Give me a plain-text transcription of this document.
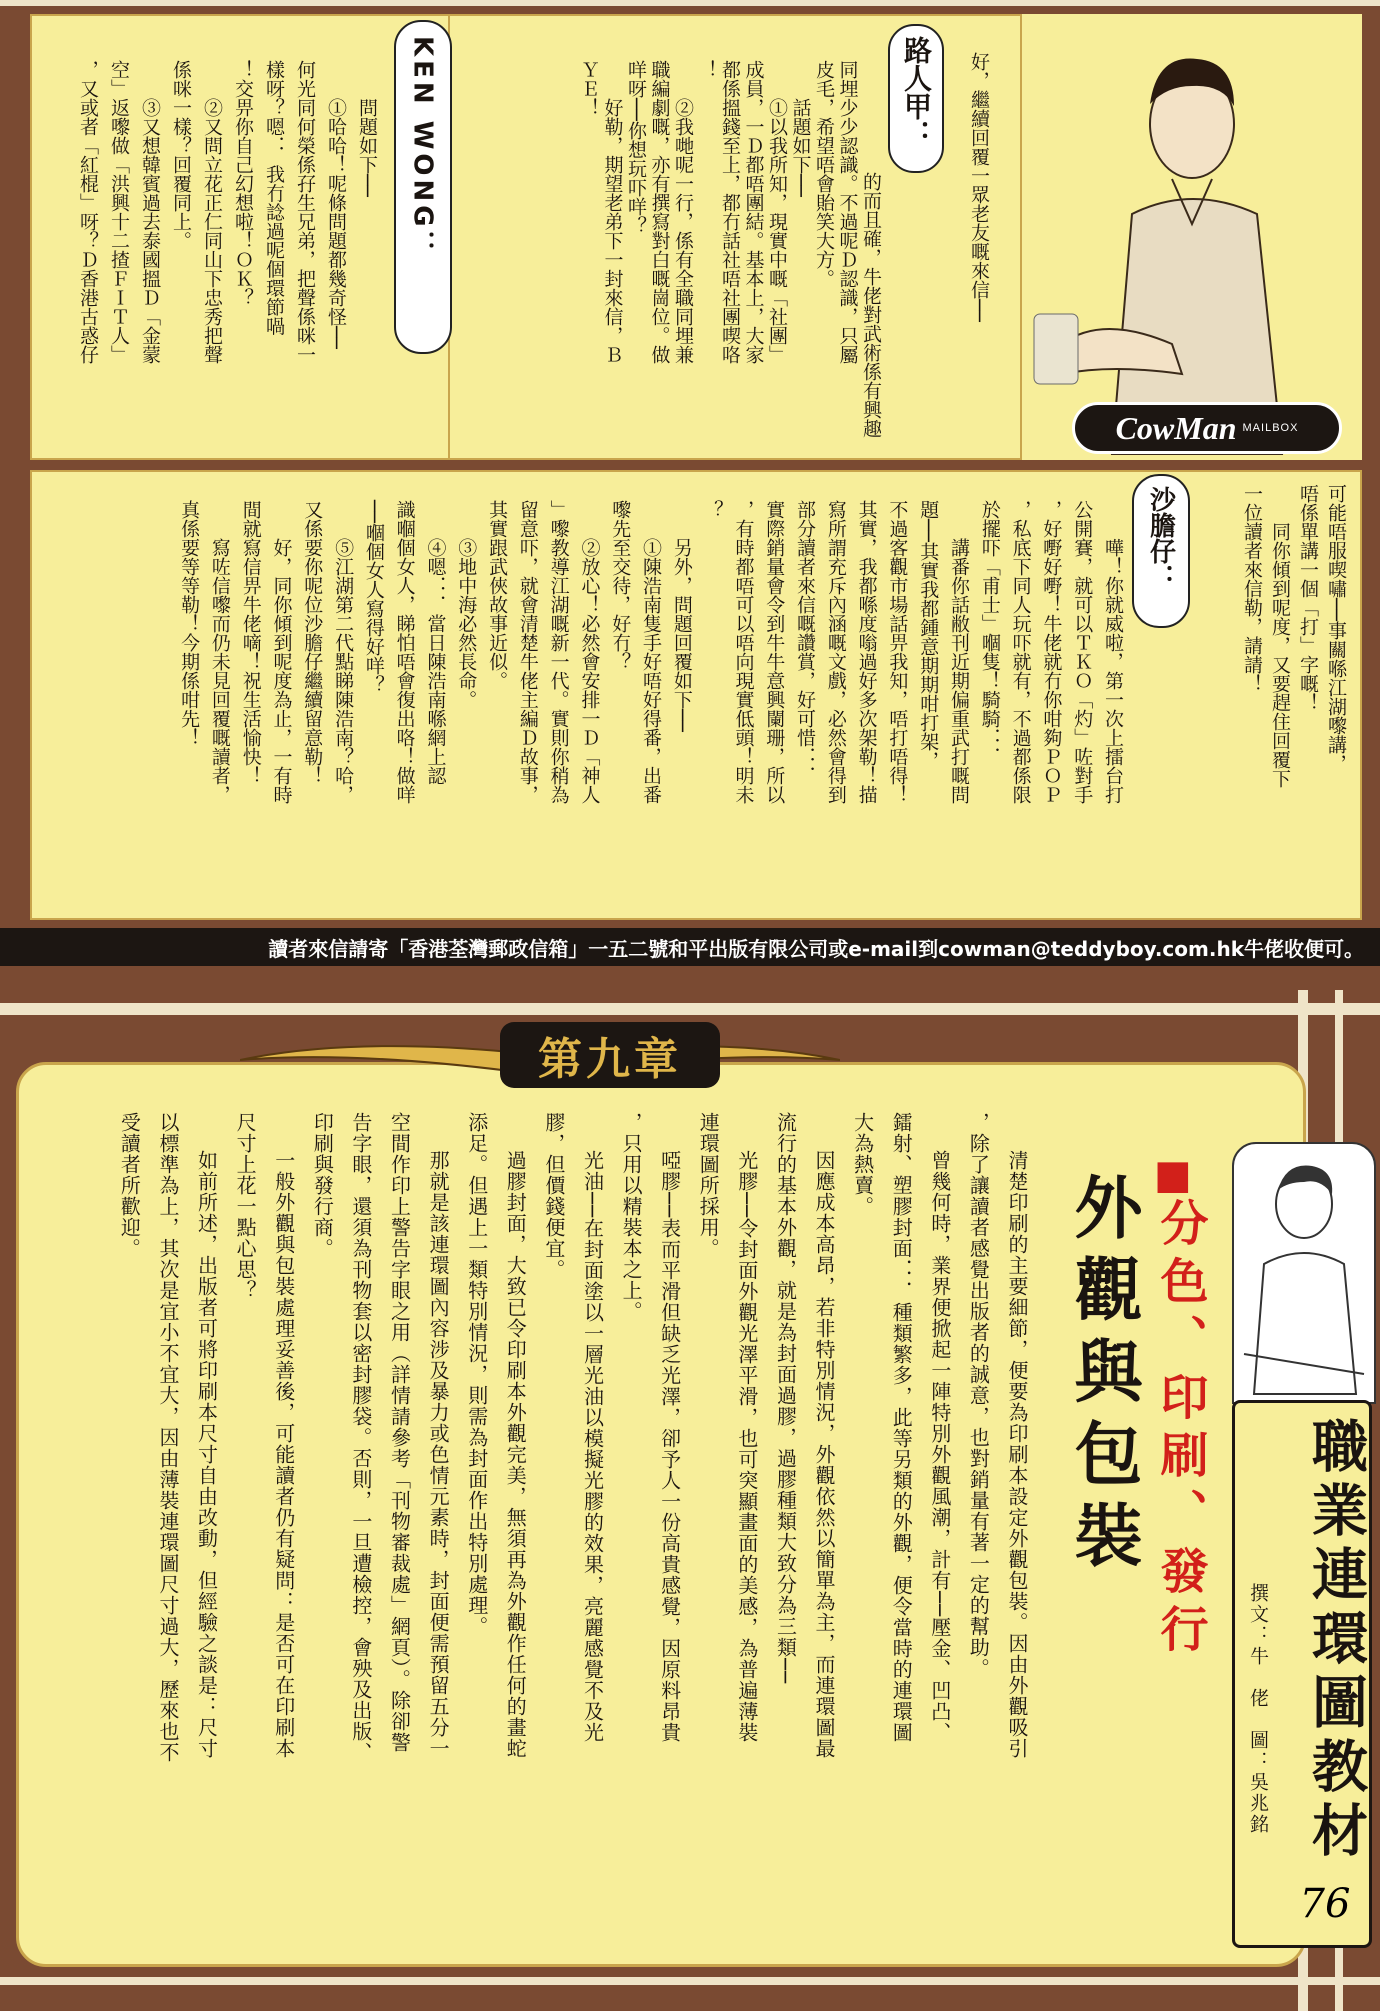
CowMan MAILBOX
好，繼續回覆一眾老友嘅來信──
路人甲：
的而且確，牛佬對武術係有興趣
同埋少少認識。不過呢Ｄ認識，只屬
皮毛，希望唔會貽笑大方。
話題如下──
①以我所知，現實中嘅「社團」
成員，一Ｄ都唔團結。基本上，大家
都係搵錢至上，都冇話社唔社團喫咯
！
②我哋呢一行，係有全職同埋兼
職編劇嘅，亦有撰寫對白嘅崗位。做
咩呀──你想玩吓咩？
好勒，期望老弟下一封來信，Ｂ
ＹＥ！
KEN WONG：
問題如下──
①哈哈！呢條問題都幾奇怪──
何光同何榮係孖生兄弟，把聲係咪一
樣呀？嗯．．我冇諗過呢個環節喎
！交畀你自己幻想啦！ＯＫ？
②又問立花正仁同山下忠秀把聲
係咪一樣？回覆同上。
③又想韓賓過去泰國搵Ｄ「金蒙
空」返嚟做「洪興十二揸ＦＩＴ人」
，又或者「紅棍」呀？Ｄ香港古惑仔
可能唔服喫嘯──事關喺江湖嚟講，
唔係單講一個「打」字嘅！
同你傾到呢度，又要趕住回覆下
一位讀者來信勒，請請！
沙膽仔：
嘩！你就威啦，第一次上擂台打
公開賽，就可以ＴＫＯ「灼」咗對手
，好嘢好嘢！牛佬就冇你咁夠ＰＯＰ
，私底下同人玩吓就有，不過都係限
於擺吓「甫士」嗰隻！騎騎．．．
講番你話敝刊近期偏重武打嘅問
題──其實我都鍾意期期咁打架，
不過客觀市場話畀我知，唔打唔得！
其實，我都喺度嗡過好多次架勒！描
寫所謂充斥內涵嘅文戲，必然會得到
部分讀者來信嘅讚賞，好可惜．．．
實際銷量會令到牛牛意興闌珊，所以
，有時都唔可以唔向現實低頭！明未
？
另外，問題回覆如下──
①陳浩南隻手好唔好得番，出番
嚟先至交待，好冇？
②放心！必然會安排一Ｄ「神人
」嚟教導江湖嘅新一代。實則你稍為
留意吓，就會清楚牛佬主編Ｄ故事，
其實跟武俠故事近似。
③地中海必然長命。
④嗯．．．當日陳浩南喺網上認
識嗰個女人，睇怕唔會復出咯！做咩
──嗰個女人寫得好咩？
⑤江湖第二代點睇陳浩南？哈，
又係要你呢位沙膽仔繼續留意勒！
好，同你傾到呢度為止，一有時
間就寫信畀牛佬嘀！祝生活愉快！
寫咗信嚟而仍未見回覆嘅讀者，
真係要等等勒！今期係咁先！
讀者來信請寄「香港荃灣郵政信箱」一五二號和平出版有限公司或e-mail到cowman@teddyboy.com.hk牛佬收便可。
第九章
職業連環圖教材
76
撰文：牛　佬　圖：吳兆銘
外觀與包裝 ■
分色、印刷、發行
清楚印刷的主要細節，便要為印刷本設定外觀包裝。因由外觀吸引
，除了讓讀者感覺出版者的誠意，也對銷量有著一定的幫助。
曾幾何時，業界便掀起一陣特別外觀風潮，計有──壓金、凹凸、
鐳射、塑膠封面．．．種類繁多，此等另類的外觀，便令當時的連環圖
大為熱賣。
因應成本高昂，若非特別情況，外觀依然以簡單為主，而連環圖最
流行的基本外觀，就是為封面過膠，過膠種類大致分為三類──
光膠──令封面外觀光澤平滑，也可突顯畫面的美感，為普遍薄裝
連環圖所採用。
啞膠──表而平滑但缺乏光澤，卻予人一份高貴感覺，因原料昂貴
，只用以精裝本之上。
光油──在封面塗以一層光油以模擬光膠的效果，亮麗感覺不及光
膠，但價錢便宜。
過膠封面，大致已令印刷本外觀完美，無須再為外觀作任何的畫蛇
添足。但遇上一類特別情況，則需為封面作出特別處理。
那就是該連環圖內容涉及暴力或色情元素時，封面便需預留五分一
空間作印上警告字眼之用（詳情請參考「刊物審裁處」網頁）。除卻警
告字眼，還須為刊物套以密封膠袋。否則，一旦遭檢控，會殃及出版、
印刷與發行商。
一般外觀與包裝處理妥善後，可能讀者仍有疑問：是否可在印刷本
尺寸上花一點心思？
如前所述，出版者可將印刷本尺寸自由改動，但經驗之談是：尺寸
以標準為上，其次是宜小不宜大，因由薄裝連環圖尺寸過大，歷來也不
受讀者所歡迎。
